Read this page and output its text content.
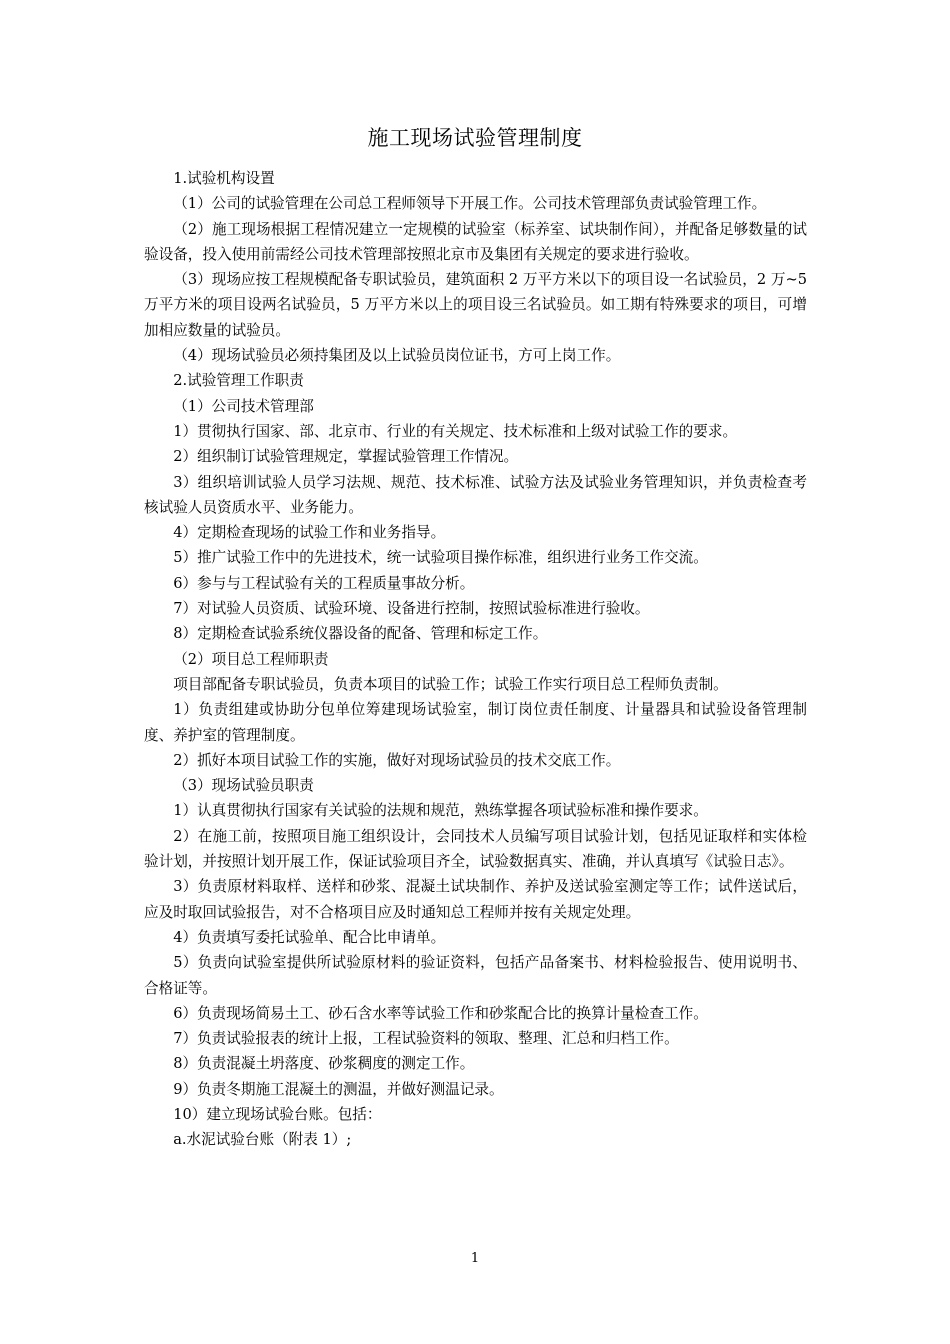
施工现场试验管理制度

1.试验机构设置

（1）公司的试验管理在公司总工程师领导下开展工作。公司技术管理部负责试验管理工作。

（2）施工现场根据工程情况建立一定规模的试验室（标养室、试块制作间），并配备足够数量的试验设备，投入使用前需经公司技术管理部按照北京市及集团有关规定的要求进行验收。

（3）现场应按工程规模配备专职试验员，建筑面积 2 万平方米以下的项目设一名试验员，2 万~5 万平方米的项目设两名试验员，5 万平方米以上的项目设三名试验员。如工期有特殊要求的项目，可增加相应数量的试验员。

（4）现场试验员必须持集团及以上试验员岗位证书，方可上岗工作。

2.试验管理工作职责

（1）公司技术管理部

1）贯彻执行国家、部、北京市、行业的有关规定、技术标准和上级对试验工作的要求。

2）组织制订试验管理规定，掌握试验管理工作情况。

3）组织培训试验人员学习法规、规范、技术标准、试验方法及试验业务管理知识，并负责检查考核试验人员资质水平、业务能力。

4）定期检查现场的试验工作和业务指导。

5）推广试验工作中的先进技术，统一试验项目操作标准，组织进行业务工作交流。

6）参与与工程试验有关的工程质量事故分析。

7）对试验人员资质、试验环境、设备进行控制，按照试验标准进行验收。

8）定期检查试验系统仪器设备的配备、管理和标定工作。

（2）项目总工程师职责

项目部配备专职试验员，负责本项目的试验工作；试验工作实行项目总工程师负责制。

1）负责组建或协助分包单位筹建现场试验室，制订岗位责任制度、计量器具和试验设备管理制度、养护室的管理制度。

2）抓好本项目试验工作的实施，做好对现场试验员的技术交底工作。

（3）现场试验员职责

1）认真贯彻执行国家有关试验的法规和规范，熟练掌握各项试验标准和操作要求。

2）在施工前，按照项目施工组织设计，会同技术人员编写项目试验计划，包括见证取样和实体检验计划，并按照计划开展工作，保证试验项目齐全，试验数据真实、准确，并认真填写《试验日志》。

3）负责原材料取样、送样和砂浆、混凝土试块制作、养护及送试验室测定等工作；试件送试后，应及时取回试验报告，对不合格项目应及时通知总工程师并按有关规定处理。

4）负责填写委托试验单、配合比申请单。

5）负责向试验室提供所试验原材料的验证资料，包括产品备案书、材料检验报告、使用说明书、合格证等。

6）负责现场简易土工、砂石含水率等试验工作和砂浆配合比的换算计量检查工作。

7）负责试验报表的统计上报，工程试验资料的领取、整理、汇总和归档工作。

8）负责混凝土坍落度、砂浆稠度的测定工作。

9）负责冬期施工混凝土的测温，并做好测温记录。

10）建立现场试验台账。包括：

a.水泥试验台账（附表 1）;

1
